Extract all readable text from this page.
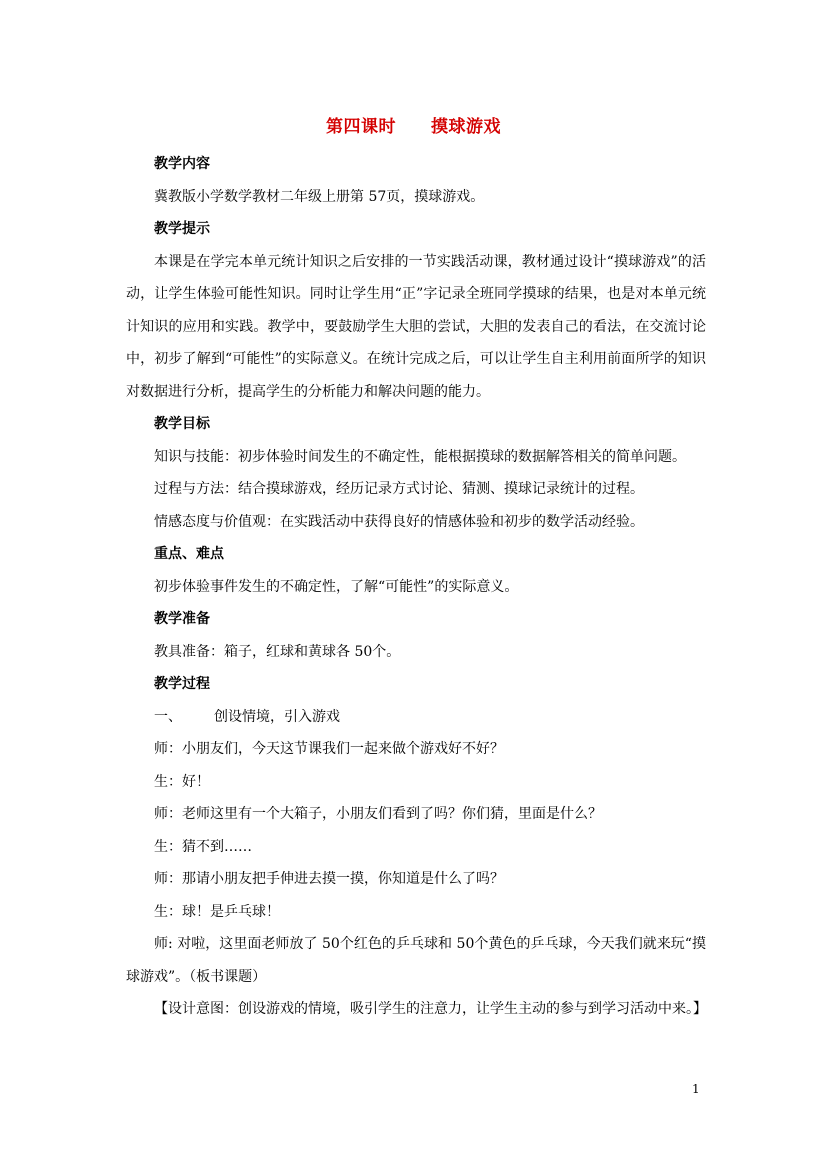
第四课时　　摸球游戏
教学内容
冀教版小学数学教材二年级上册第 57页，摸球游戏。
教学提示
本课是在学完本单元统计知识之后安排的一节实践活动课，教材通过设计“摸球游戏”的活动，让学生体验可能性知识。同时让学生用“正”字记录全班同学摸球的结果，也是对本单元统计知识的应用和实践。教学中，要鼓励学生大胆的尝试，大胆的发表自己的看法，在交流讨论中，初步了解到“可能性”的实际意义。在统计完成之后，可以让学生自主利用前面所学的知识对数据进行分析，提高学生的分析能力和解决问题的能力。
教学目标
知识与技能：初步体验时间发生的不确定性，能根据摸球的数据解答相关的简单问题。
过程与方法：结合摸球游戏，经历记录方式讨论、猜测、摸球记录统计的过程。
情感态度与价值观：在实践活动中获得良好的情感体验和初步的数学活动经验。
重点、难点
初步体验事件发生的不确定性，了解“可能性”的实际意义。
教学准备
教具准备：箱子，红球和黄球各 50个。
教学过程
一、 创设情境，引入游戏
师：小朋友们，今天这节课我们一起来做个游戏好不好？
生：好！
师：老师这里有一个大箱子，小朋友们看到了吗？你们猜，里面是什么？
生：猜不到……
师：那请小朋友把手伸进去摸一摸，你知道是什么了吗？
生：球！是乒乓球！
师: 对啦，这里面老师放了 50个红色的乒乓球和 50个黄色的乒乓球，今天我们就来玩“摸球游戏”。（板书课题）
【设计意图：创设游戏的情境，吸引学生的注意力，让学生主动的参与到学习活动中来。】
1
